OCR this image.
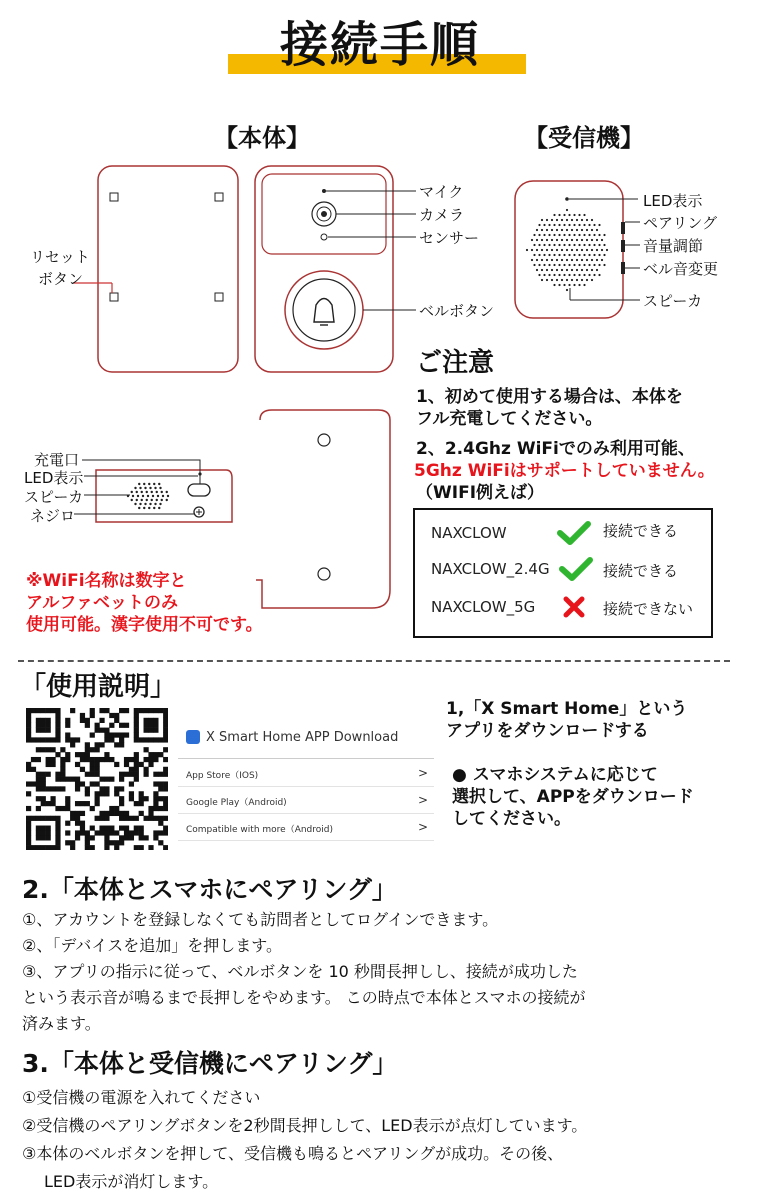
接続手順
【本体】	【受信機】
リセット
ボタン
マイク
カメラ
センサー
ベルボタン
LED表示
ペアリング
音量調節
ベル音変更
スピーカ
充電口
LED表示
スピーカ
ネジロ
※WiFi名称は数字と
アルファベットのみ
使用可能。漢字使用不可です。
ご注意
1、初めて使用する場合は、本体を
フル充電してください。
2、2.4Ghz WiFiでのみ利用可能、
5Ghz WiFiはサポートしていません。
（WIFI例えば）
NAXCLOW	接続できる
NAXCLOW_2.4G	接続できる
NAXCLOW_5G	接続できない
「使用説明」
X Smart Home APP Download
App Store（IOS)	>
Google Play（Android)	>
Compatible with more（Android)	>
1,「X Smart Home」という
アプリをダウンロードする
● スマホシステムに応じて
選択して、APPをダウンロード
してください。
2.「本体とスマホにペアリング」
①、アカウントを登録しなくても訪問者としてログインできます。
②、「デバイスを追加」を押します。
③、アプリの指示に従って、ベルボタンを 10 秒間長押しし、接続が成功した
という表示音が鳴るまで長押しをやめます。 この時点で本体とスマホの接続が
済みます。
3.「本体と受信機にペアリング」
①受信機の電源を入れてください
②受信機のペアリングボタンを2秒間長押しして、LED表示が点灯しています。
③本体のベルボタンを押して、受信機も鳴るとペアリングが成功。その後、
LED表示が消灯します。
